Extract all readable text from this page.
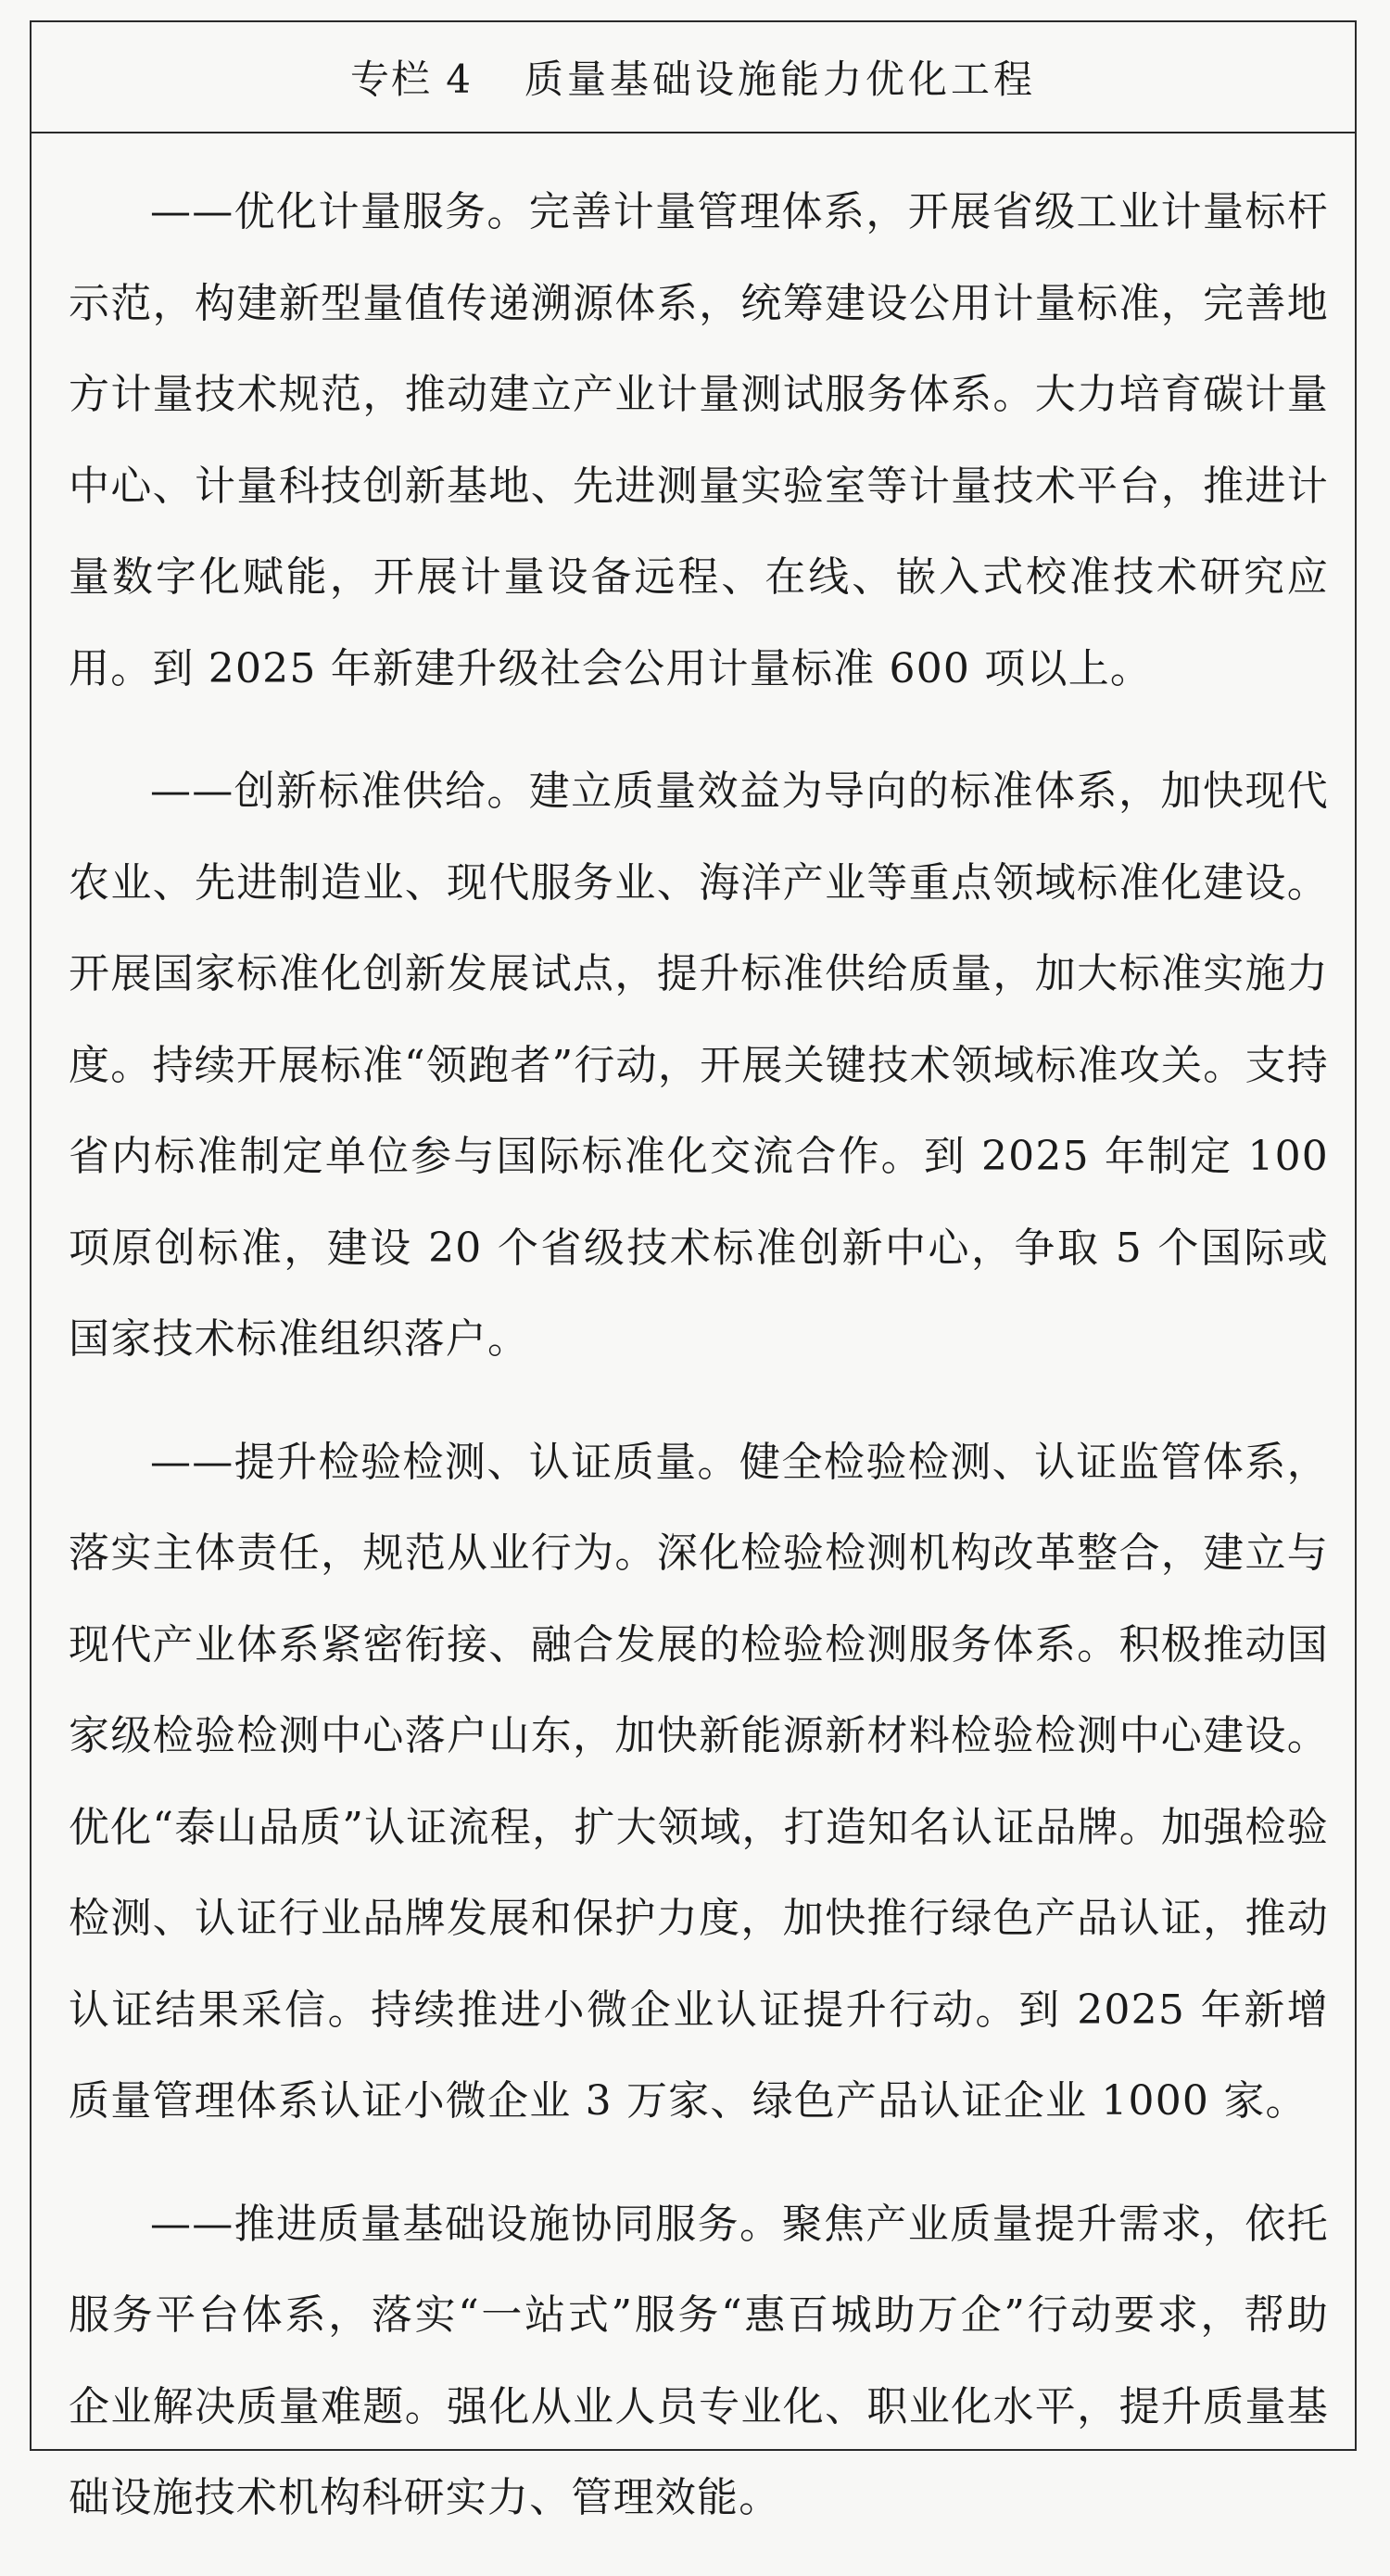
专栏 4 质量基础设施能力优化工程

——优化计量服务。完善计量管理体系，开展省级工业计量标杆示范，构建新型量值传递溯源体系，统筹建设公用计量标准，完善地方计量技术规范，推动建立产业计量测试服务体系。大力培育碳计量中心、计量科技创新基地、先进测量实验室等计量技术平台，推进计量数字化赋能，开展计量设备远程、在线、嵌入式校准技术研究应用。到 2025 年新建升级社会公用计量标准 600 项以上。

——创新标准供给。建立质量效益为导向的标准体系，加快现代农业、先进制造业、现代服务业、海洋产业等重点领域标准化建设。开展国家标准化创新发展试点，提升标准供给质量，加大标准实施力度。持续开展标准“领跑者”行动，开展关键技术领域标准攻关。支持省内标准制定单位参与国际标准化交流合作。到 2025 年制定 100 项原创标准，建设 20 个省级技术标准创新中心，争取 5 个国际或国家技术标准组织落户。

——提升检验检测、认证质量。健全检验检测、认证监管体系，落实主体责任，规范从业行为。深化检验检测机构改革整合，建立与现代产业体系紧密衔接、融合发展的检验检测服务体系。积极推动国家级检验检测中心落户山东，加快新能源新材料检验检测中心建设。优化“泰山品质”认证流程，扩大领域，打造知名认证品牌。加强检验检测、认证行业品牌发展和保护力度，加快推行绿色产品认证，推动认证结果采信。持续推进小微企业认证提升行动。到 2025 年新增质量管理体系认证小微企业 3 万家、绿色产品认证企业 1000 家。

——推进质量基础设施协同服务。聚焦产业质量提升需求，依托服务平台体系，落实“一站式”服务“惠百城助万企”行动要求，帮助企业解决质量难题。强化从业人员专业化、职业化水平，提升质量基础设施技术机构科研实力、管理效能。
